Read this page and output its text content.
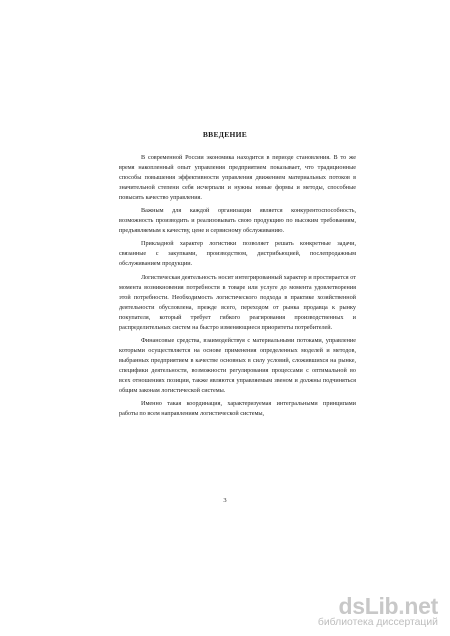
ВВЕДЕНИЕ

В современной России экономика находится в периоде становления. В то же время накопленный опыт управления предприятием показывает, что традиционные способы повышения эффективности управления движением материальных потоков в значительной степени себя исчерпали и нужны новые формы и методы, способные повысить качество управления.

Важным для каждой организации является конкурентоспособность, возможность производить и реализовывать свою продукцию по высоким требованиям, предъявляемым к качеству, цене и сервисному обслуживанию.

Прикладной характер логистики позволяет решать конкретные задачи, связанные с закупками, производством, дистрибьюцией, послепродажным обслуживанием продукции.

Логистическая деятельность носит интегрированный характер и простирается от момента возникновения потребности в товаре или услуге до момента удовлетворения этой потребности. Необходимость логистического подхода в практике хозяйственной деятельности обусловлена, прежде всего, переходом от рынка продавца к рынку покупателя, который требует гибкого реагирования производственных и распределительных систем на быстро изменяющиеся приоритеты потребителей.

Финансовые средства, взаимодействуя с материальными потоками, управление которыми осуществляется на основе применения определенных моделей и методов, выбранных предприятием в качестве основных в силу условий, сложившихся на рынке, специфики деятельности, возможности регулирования процессами с оптимальной во всех отношениях позиции, также являются управляемым звеном и должны подчиняться общим законам логистической системы.

Именно такая координация, характеризуемая интегральными принципами работы по всем направлениям логистической системы,

3
dsLib.net
библиотека диссертаций
